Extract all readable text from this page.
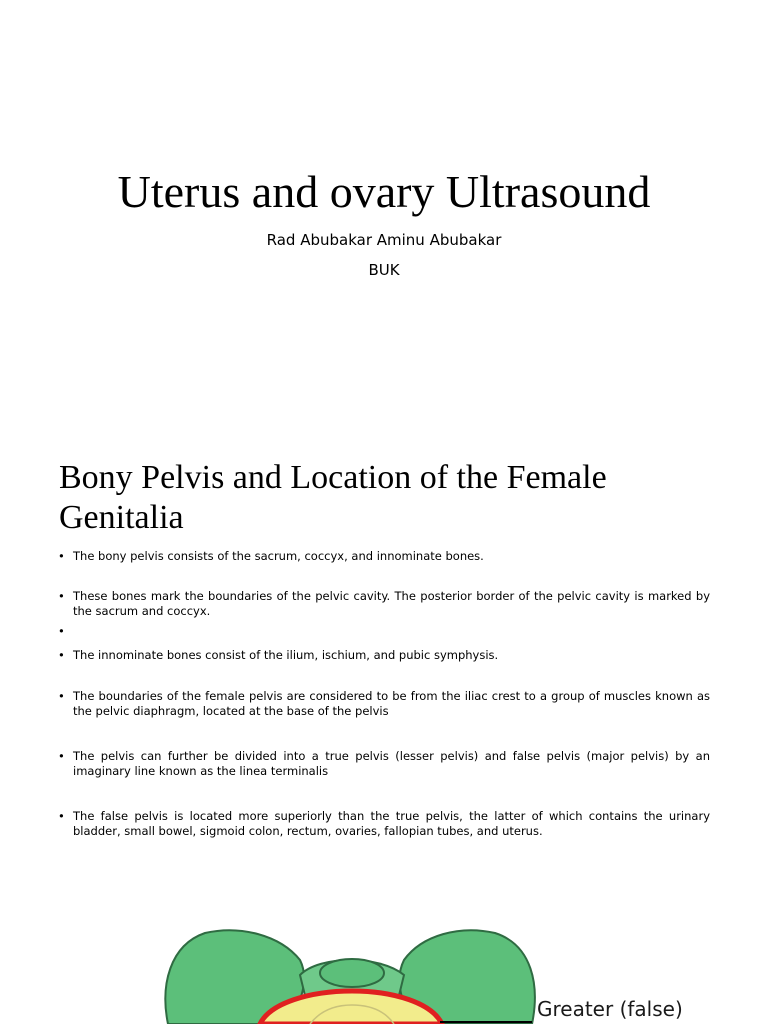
Uterus and ovary Ultrasound
Rad Abubakar Aminu Abubakar
BUK
Bony Pelvis and Location of the Female Genitalia
• The bony pelvis consists of the sacrum, coccyx, and innominate bones.
• These bones mark the boundaries of the pelvic cavity. The posterior border of the pelvic cavity is marked by the sacrum and coccyx.
•
• The innominate bones consist of the ilium, ischium, and pubic symphysis.
• The boundaries of the female pelvis are considered to be from the iliac crest to a group of muscles known as the pelvic diaphragm, located at the base of the pelvis
• The pelvis can further be divided into a true pelvis (lesser pelvis) and false pelvis (major pelvis) by an imaginary line known as the linea terminalis
• The false pelvis is located more superiorly than the true pelvis, the latter of which contains the urinary bladder, small bowel, sigmoid colon, rectum, ovaries, fallopian tubes, and uterus.
Greater (false)
